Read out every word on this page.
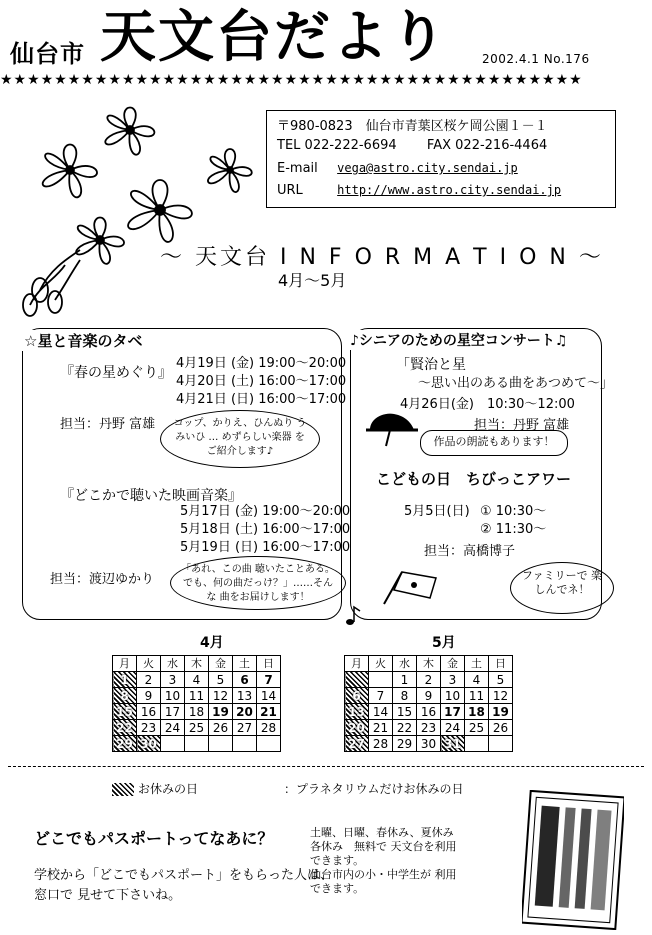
仙台市 天文台だより	2002.4.1 No.176
★★★★★★★★★★★★★★★★★★★★★★★★★★★★★★★★★★★★★★★★★★★
〒980-0823　仙台市青葉区桜ケ岡公園１－１
TEL 022-222-6694 FAX 022-216-4464
E-mail vega@astro.city.sendai.jp
URL	http://www.astro.city.sendai.jp
～ 天文台 I N F O R M A T I O N ～
4月～5月
☆星と音楽のタベ
『春の星めぐり』
4月19日 (金) 19:00～20:00
4月20日 (土) 16:00～17:00
4月21日 (日) 16:00～17:00
担当：丹野 富雄	コップ、かりえ、ひんぬり うみいひ … めずらしい楽器 をご紹介します♪
『どこかで聴いた映画音楽』
5月17日 (金) 19:00～20:00
5月18日 (土) 16:00～17:00
5月19日 (日) 16:00～17:00
担当：渡辺ゆかり
「あれ、この曲 聴いたことある。でも、何の曲だっけ？」……そんな 曲をお届けします！
♪シニアのための星空コンサート♫
「賢治と星
～思い出のある曲をあつめて～」
4月26日(金)　10:30～12:00
担当：丹野 富雄
作品の朗読もあります！
こどもの日　ちびっこアワー
5月5日(日) ① 10:30～
② 11:30～
担当：高橋博子
ファミリーで 楽しんでネ！
4月
月	火	水	木	金	土	日
1	2	3	4	5	6	7
8	9	10	11	12	13	14
15	16	17	18	19	20	21
22	23	24	25	26	27	28
29	30					
5月
月	火	水	木	金	土	日
		1	2	3	4	5
6	7	8	9	10	11	12
13	14	15	16	17	18	19
20	21	22	23	24	25	26
27	28	29	30	31		
お休みの日	：プラネタリウムだけお休みの日
どこでもパスポートってなあに？
学校から「どこでもパスポート」をもらった人は、
窓口で 見せて下さいね。
土曜、日曜、春休み、夏休み
各休み　無料で 天文台を利用
できます。
仙台市内の小・中学生が 利用
できます。
